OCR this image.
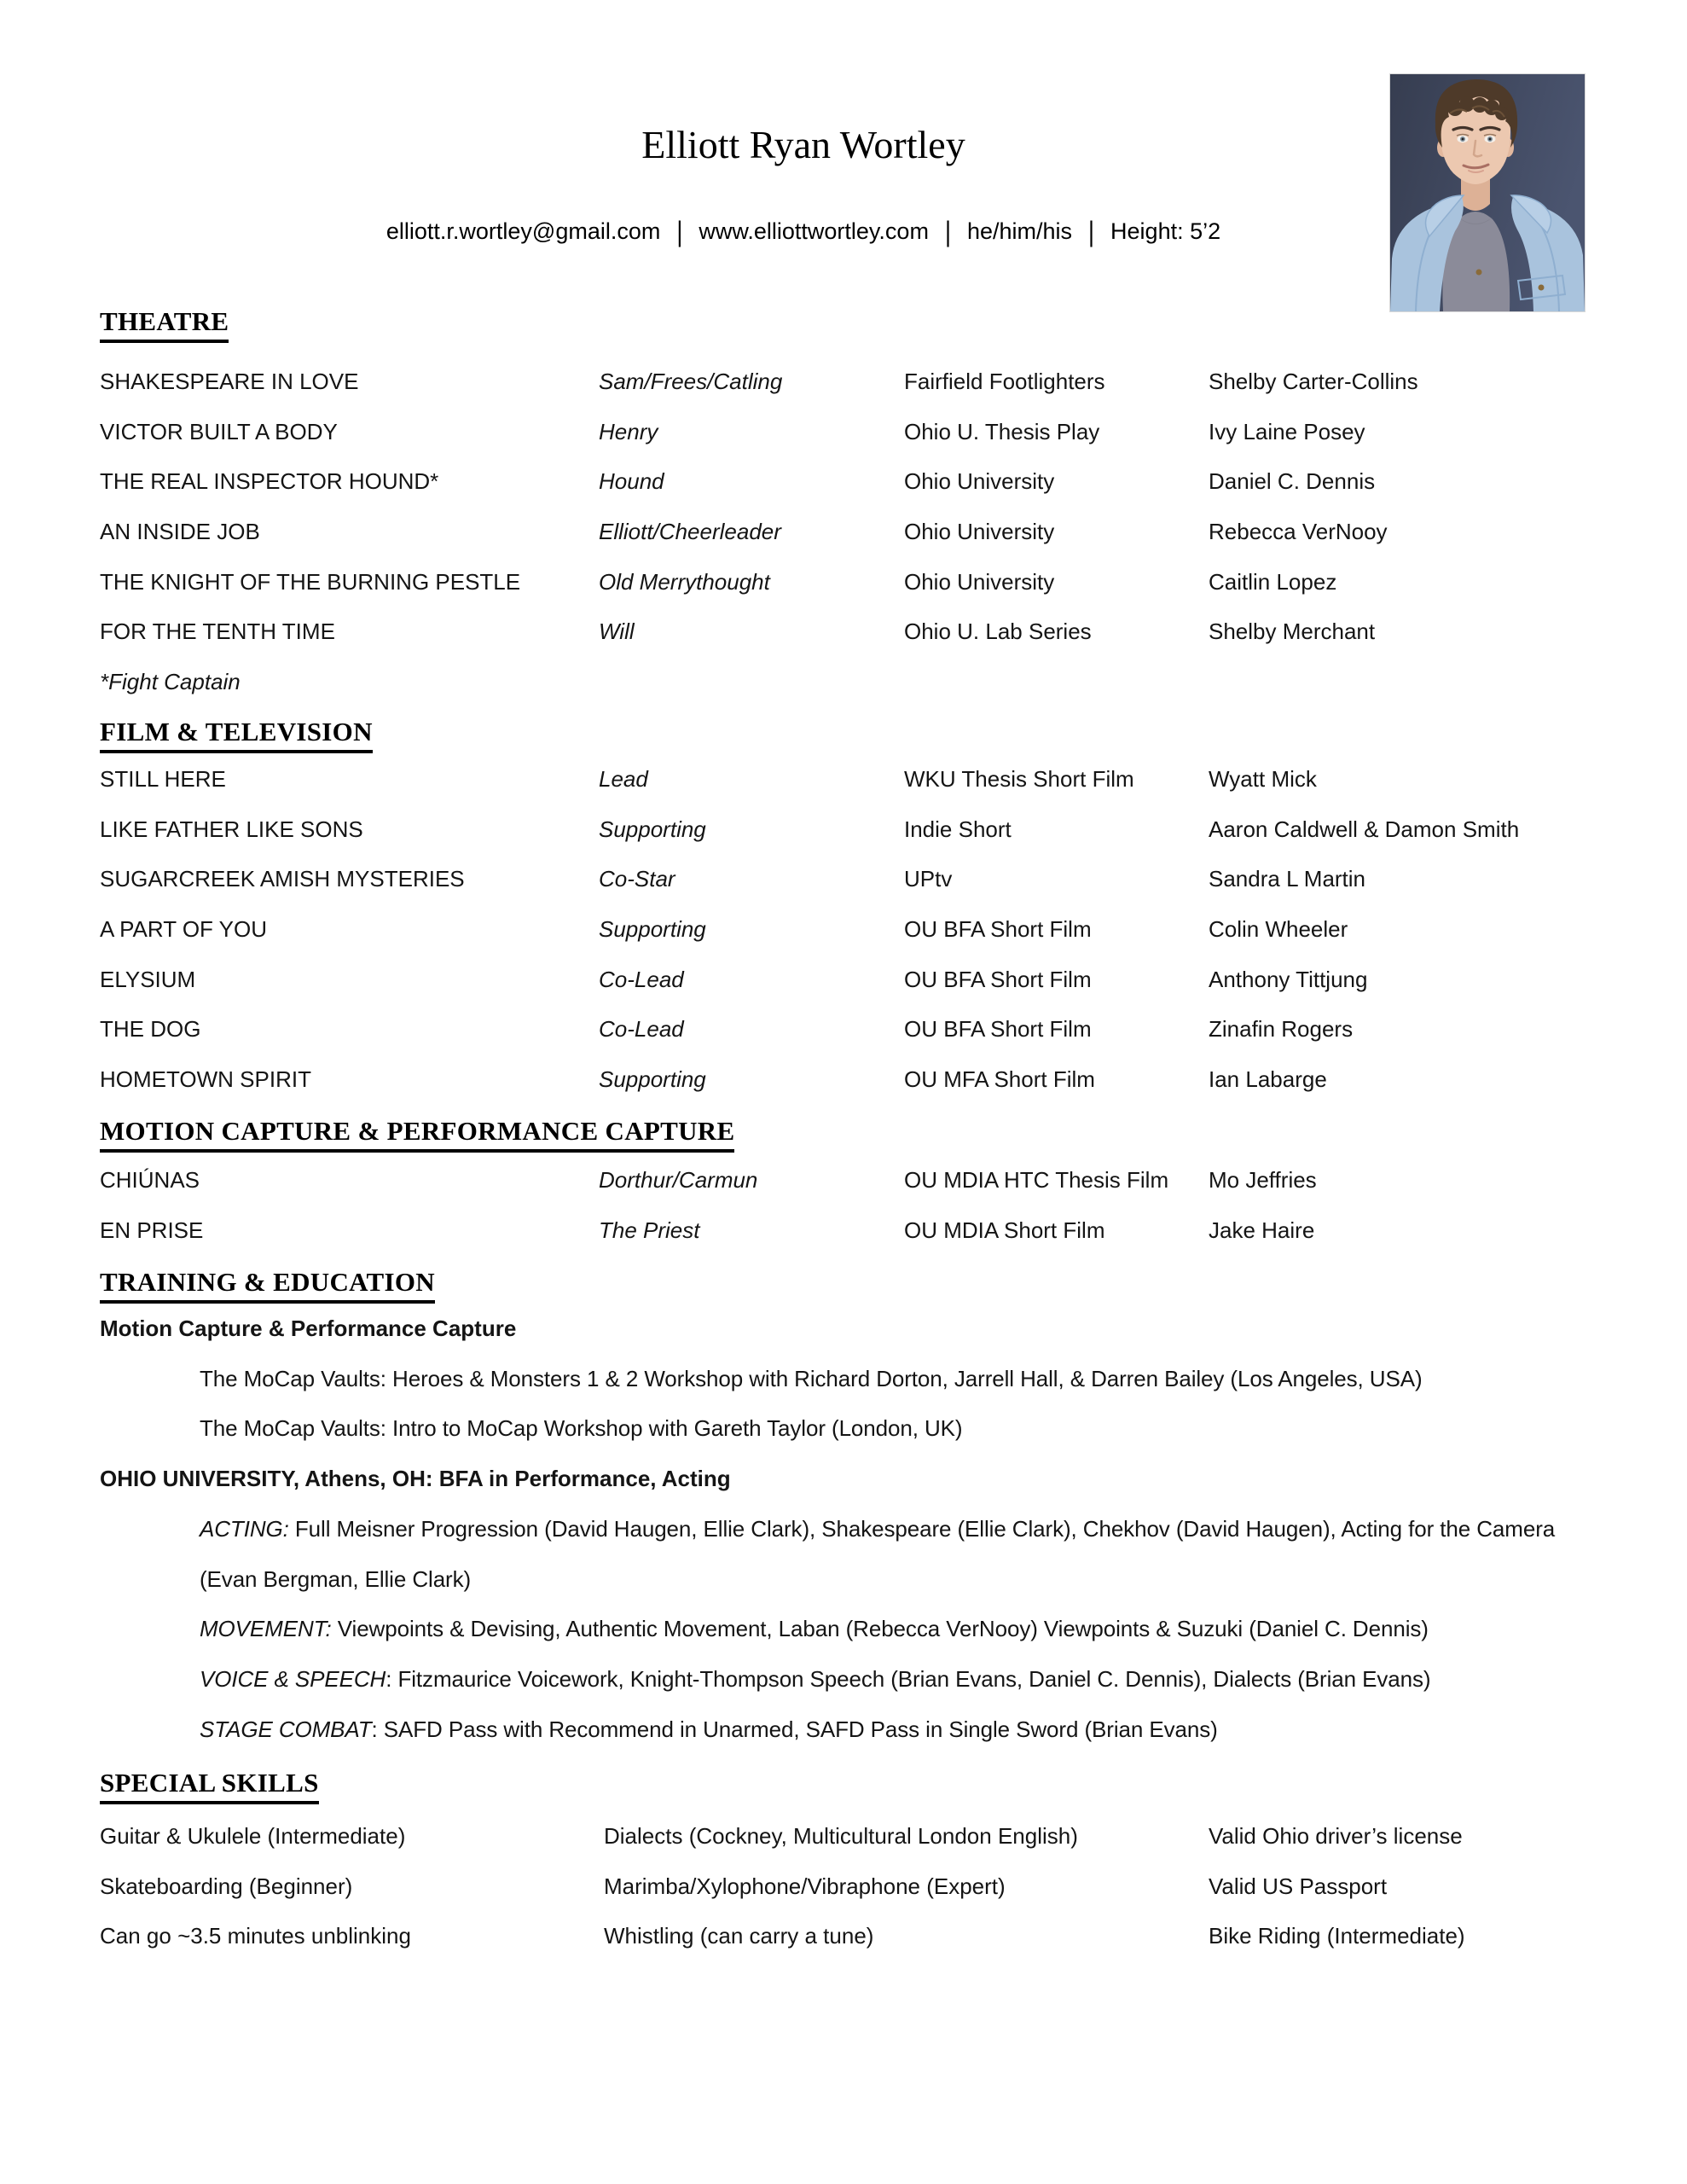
Elliott Ryan Wortley
elliott.r.wortley@gmail.com | www.elliottwortley.com | he/him/his | Height: 5’2
THEATRE
SHAKESPEARE IN LOVE	Sam/Frees/Catling	Fairfield Footlighters	Shelby Carter-Collins
VICTOR BUILT A BODY	Henry	Ohio U. Thesis Play	Ivy Laine Posey
THE REAL INSPECTOR HOUND*	Hound	Ohio University	Daniel C. Dennis
AN INSIDE JOB	Elliott/Cheerleader	Ohio University	Rebecca VerNooy
THE KNIGHT OF THE BURNING PESTLE	Old Merrythought	Ohio University	Caitlin Lopez
FOR THE TENTH TIME	Will	Ohio U. Lab Series	Shelby Merchant
*Fight Captain
FILM & TELEVISION
STILL HERE	Lead	WKU Thesis Short Film	Wyatt Mick
LIKE FATHER LIKE SONS	Supporting	Indie Short	Aaron Caldwell & Damon Smith
SUGARCREEK AMISH MYSTERIES	Co-Star	UPtv	Sandra L Martin
A PART OF YOU	Supporting	OU BFA Short Film	Colin Wheeler
ELYSIUM	Co-Lead	OU BFA Short Film	Anthony Tittjung
THE DOG	Co-Lead	OU BFA Short Film	Zinafin Rogers
HOMETOWN SPIRIT	Supporting	OU MFA Short Film	Ian Labarge
MOTION CAPTURE & PERFORMANCE CAPTURE
CHIÚNAS	Dorthur/Carmun	OU MDIA HTC Thesis Film	Mo Jeffries
EN PRISE	The Priest	OU MDIA Short Film	Jake Haire
TRAINING & EDUCATION
Motion Capture & Performance Capture
The MoCap Vaults: Heroes & Monsters 1 & 2 Workshop with Richard Dorton, Jarrell Hall, & Darren Bailey (Los Angeles, USA)
The MoCap Vaults: Intro to MoCap Workshop with Gareth Taylor (London, UK)
OHIO UNIVERSITY, Athens, OH: BFA in Performance, Acting
ACTING: Full Meisner Progression (David Haugen, Ellie Clark), Shakespeare (Ellie Clark), Chekhov (David Haugen), Acting for the Camera (Evan Bergman, Ellie Clark)
MOVEMENT: Viewpoints & Devising, Authentic Movement, Laban (Rebecca VerNooy) Viewpoints & Suzuki (Daniel C. Dennis)
VOICE & SPEECH: Fitzmaurice Voicework, Knight-Thompson Speech (Brian Evans, Daniel C. Dennis), Dialects (Brian Evans)
STAGE COMBAT: SAFD Pass with Recommend in Unarmed, SAFD Pass in Single Sword (Brian Evans)
SPECIAL SKILLS
Guitar & Ukulele (Intermediate)	Dialects (Cockney, Multicultural London English)	Valid Ohio driver’s license
Skateboarding (Beginner)	Marimba/Xylophone/Vibraphone (Expert)	Valid US Passport
Can go ~3.5 minutes unblinking	Whistling (can carry a tune)	Bike Riding (Intermediate)
